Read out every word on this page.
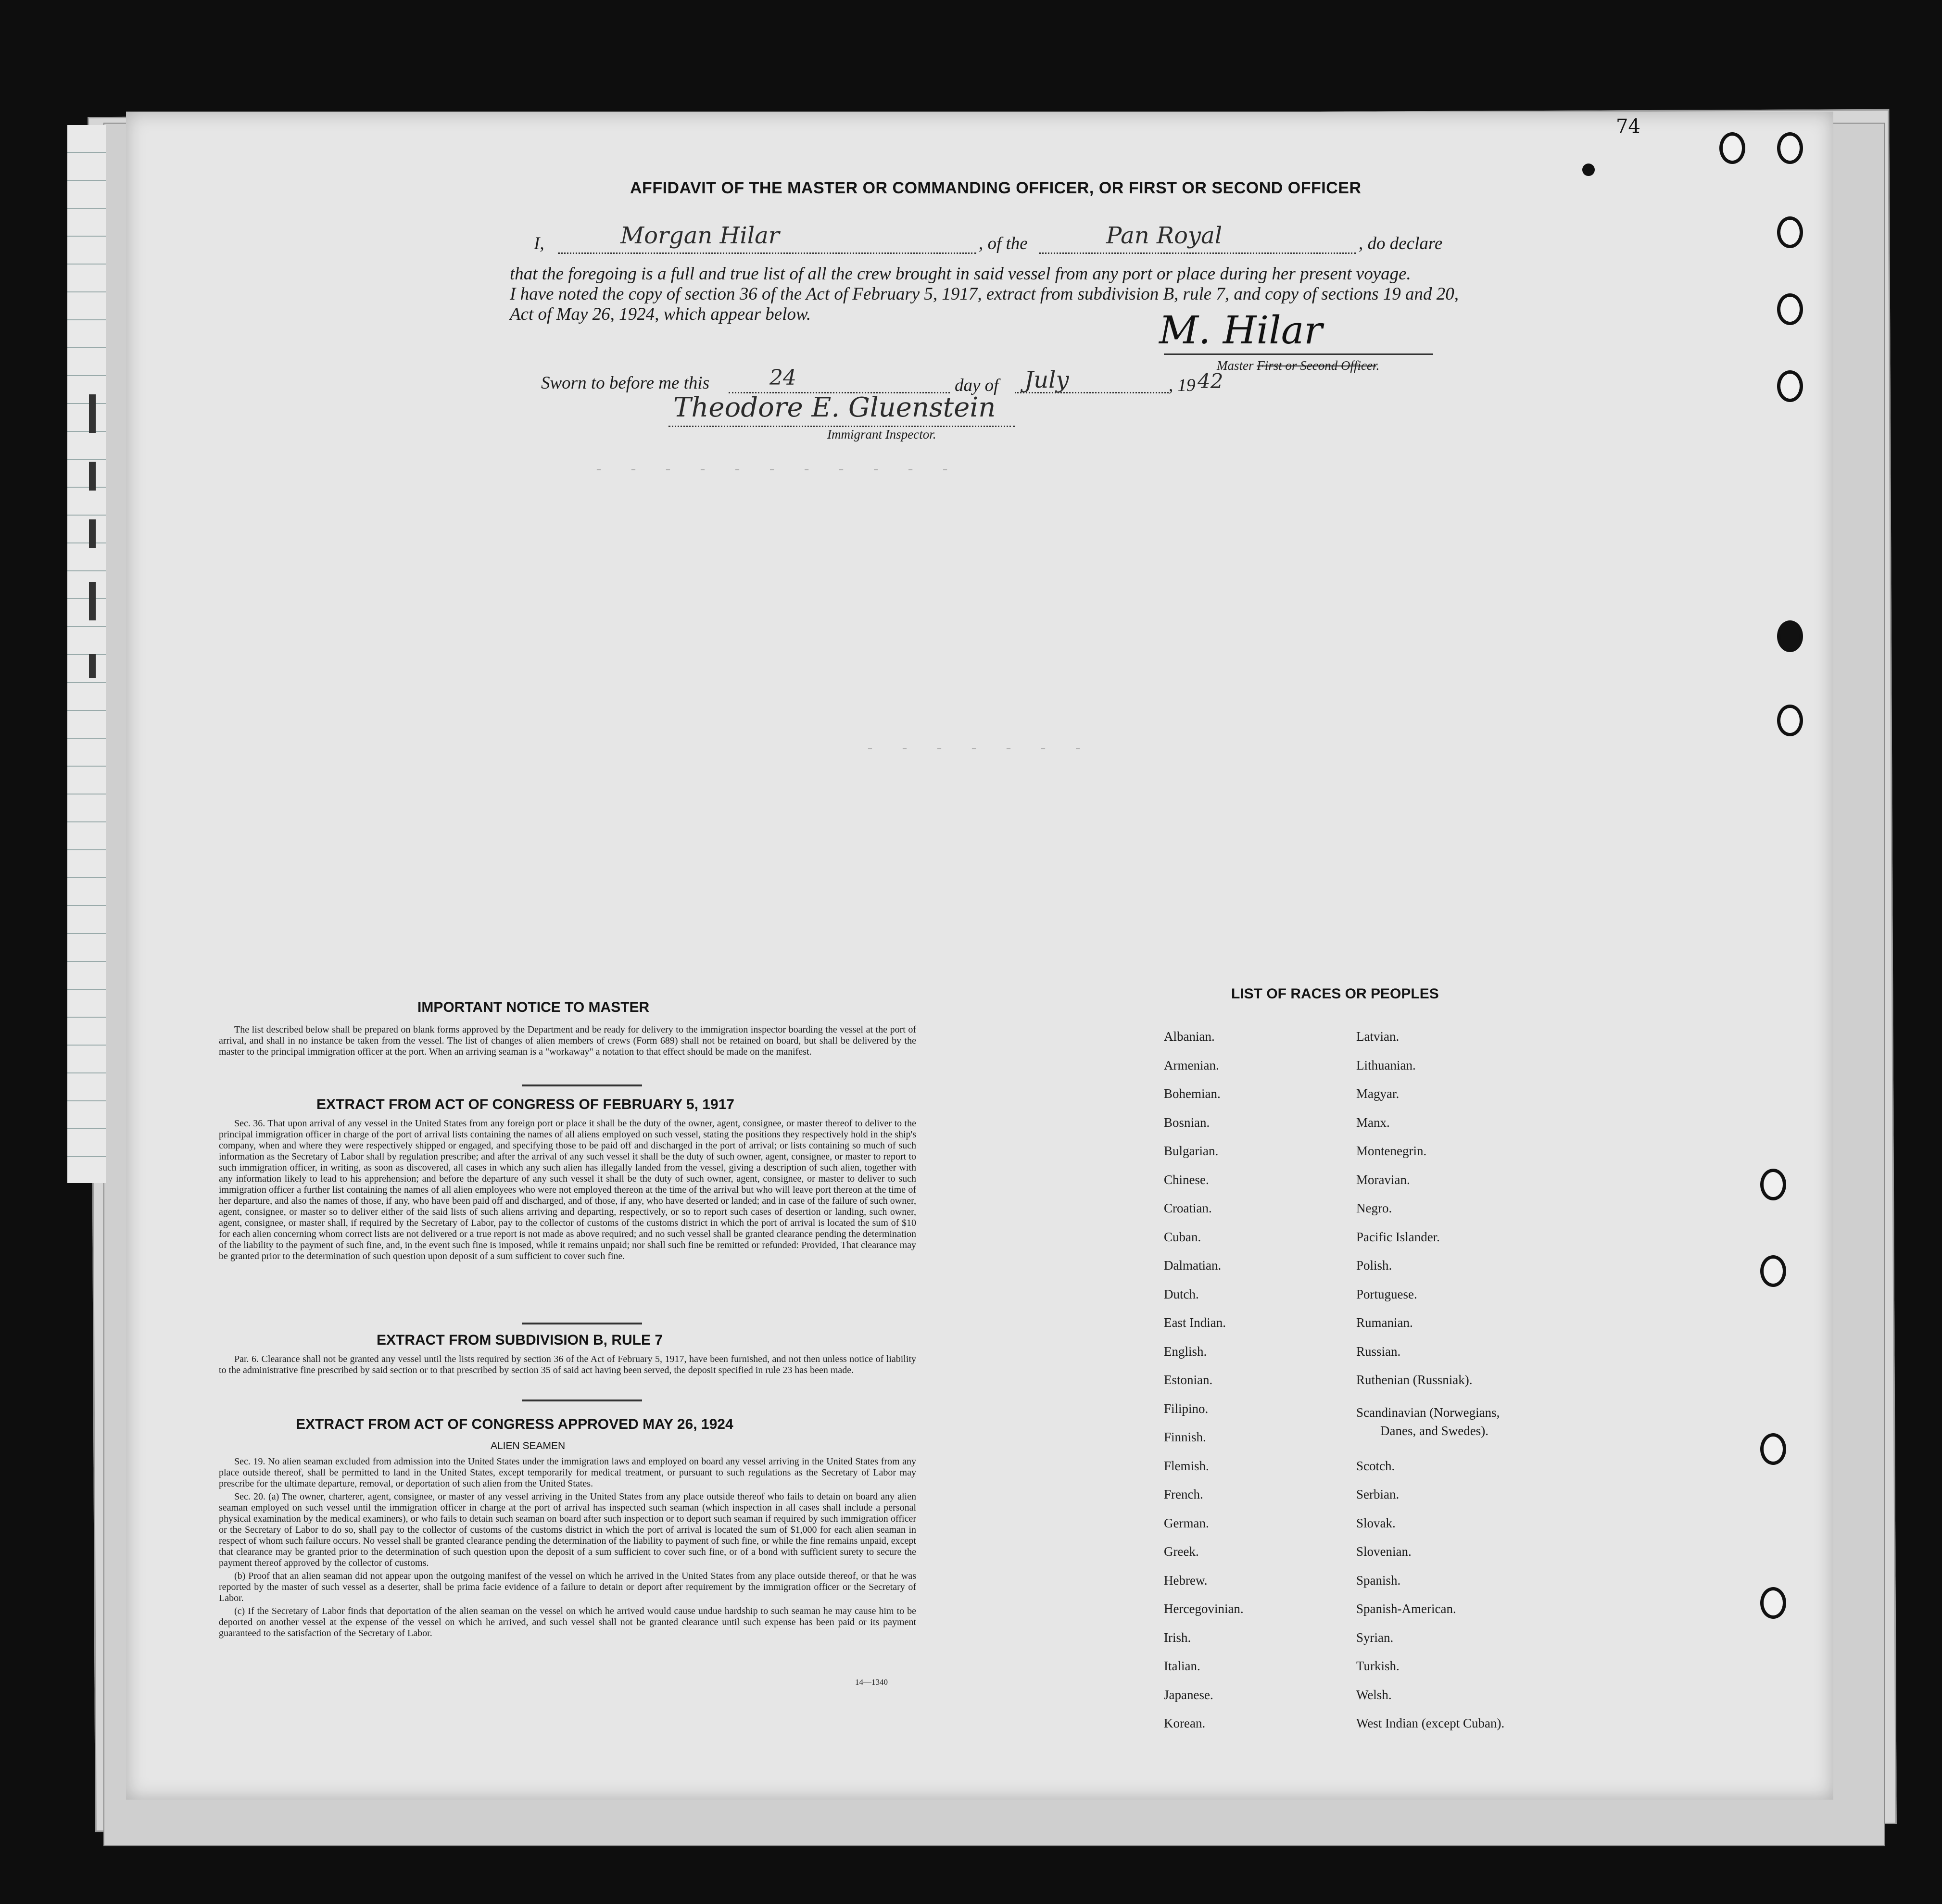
-   -   -   -   -   -   -   -   -   -   -
-   -   -   -   -   -   -
74
AFFIDAVIT OF THE MASTER OR COMMANDING OFFICER, OR FIRST OR SECOND OFFICER
I,	Morgan Hilar	, of the	Pan Royal	, do declare
that the foregoing is a full and true list of all the crew brought in said vessel from any port or place during her present voyage.
I have noted the copy of section 36 of the Act of February 5, 1917, extract from subdivision B, rule 7, and copy of sections 19 and 20,
Act of May 26, 1924, which appear below.	M. Hilar
Master First or Second Officer.
Sworn to before me this	24	day of July	, 19 42
Theodore E. Gluenstein
Immigrant Inspector.
IMPORTANT NOTICE TO MASTER

The list described below shall be prepared on blank forms approved by the Department and be ready for delivery to the immigration inspector boarding the vessel at the port of arrival, and shall in no instance be taken from the vessel. The list of changes of alien members of crews (Form 689) shall not be retained on board, but shall be delivered by the master to the principal immigration officer at the port. When an arriving seaman is a "workaway" a notation to that effect should be made on the manifest.

EXTRACT FROM ACT OF CONGRESS OF FEBRUARY 5, 1917

Sec. 36. That upon arrival of any vessel in the United States from any foreign port or place it shall be the duty of the owner, agent, consignee, or master thereof to deliver to the principal immigration officer in charge of the port of arrival lists containing the names of all aliens employed on such vessel, stating the positions they respectively hold in the ship's company, when and where they were respectively shipped or engaged, and specifying those to be paid off and discharged in the port of arrival; or lists containing so much of such information as the Secretary of Labor shall by regulation prescribe; and after the arrival of any such vessel it shall be the duty of such owner, agent, consignee, or master to report to such immigration officer, in writing, as soon as discovered, all cases in which any such alien has illegally landed from the vessel, giving a description of such alien, together with any information likely to lead to his apprehension; and before the departure of any such vessel it shall be the duty of such owner, agent, consignee, or master to deliver to such immigration officer a further list containing the names of all alien employees who were not employed thereon at the time of the arrival but who will leave port thereon at the time of her departure, and also the names of those, if any, who have been paid off and discharged, and of those, if any, who have deserted or landed; and in case of the failure of such owner, agent, consignee, or master so to deliver either of the said lists of such aliens arriving and departing, respectively, or so to report such cases of desertion or landing, such owner, agent, consignee, or master shall, if required by the Secretary of Labor, pay to the collector of customs of the customs district in which the port of arrival is located the sum of $10 for each alien concerning whom correct lists are not delivered or a true report is not made as above required; and no such vessel shall be granted clearance pending the determination of the liability to the payment of such fine, and, in the event such fine is imposed, while it remains unpaid; nor shall such fine be remitted or refunded: Provided, That clearance may be granted prior to the determination of such question upon deposit of a sum sufficient to cover such fine.

EXTRACT FROM SUBDIVISION B, RULE 7

Par. 6. Clearance shall not be granted any vessel until the lists required by section 36 of the Act of February 5, 1917, have been furnished, and not then unless notice of liability to the administrative fine prescribed by said section or to that prescribed by section 35 of said act having been served, the deposit specified in rule 23 has been made.

EXTRACT FROM ACT OF CONGRESS APPROVED MAY 26, 1924
ALIEN SEAMEN

Sec. 19. No alien seaman excluded from admission into the United States under the immigration laws and employed on board any vessel arriving in the United States from any place outside thereof, shall be permitted to land in the United States, except temporarily for medical treatment, or pursuant to such regulations as the Secretary of Labor may prescribe for the ultimate departure, removal, or deportation of such alien from the United States.

Sec. 20. (a) The owner, charterer, agent, consignee, or master of any vessel arriving in the United States from any place outside thereof who fails to detain on board any alien seaman employed on such vessel until the immigration officer in charge at the port of arrival has inspected such seaman (which inspection in all cases shall include a personal physical examination by the medical examiners), or who fails to detain such seaman on board after such inspection or to deport such seaman if required by such immigration officer or the Secretary of Labor to do so, shall pay to the collector of customs of the customs district in which the port of arrival is located the sum of $1,000 for each alien seaman in respect of whom such failure occurs. No vessel shall be granted clearance pending the determination of the liability to payment of such fine, or while the fine remains unpaid, except that clearance may be granted prior to the determination of such question upon the deposit of a sum sufficient to cover such fine, or of a bond with sufficient surety to secure the payment thereof approved by the collector of customs.

(b) Proof that an alien seaman did not appear upon the outgoing manifest of the vessel on which he arrived in the United States from any place outside thereof, or that he was reported by the master of such vessel as a deserter, shall be prima facie evidence of a failure to detain or deport after requirement by the immigration officer or the Secretary of Labor.

(c) If the Secretary of Labor finds that deportation of the alien seaman on the vessel on which he arrived would cause undue hardship to such seaman he may cause him to be deported on another vessel at the expense of the vessel on which he arrived, and such vessel shall not be granted clearance until such expense has been paid or its payment guaranteed to the satisfaction of the Secretary of Labor.

14—1340
LIST OF RACES OR PEOPLES
Albanian.
Armenian.
Bohemian.
Bosnian.
Bulgarian.
Chinese.
Croatian.
Cuban.
Dalmatian.
Dutch.
East Indian.
English.
Estonian.
Filipino.
Finnish.
Flemish.
French.
German.
Greek.
Hebrew.
Hercegovinian.
Irish.
Italian.
Japanese.
Korean.
Latvian.
Lithuanian.
Magyar.
Manx.
Montenegrin.
Moravian.
Negro.
Pacific Islander.
Polish.
Portuguese.
Rumanian.
Russian.
Ruthenian (Russniak).
Scandinavian (Norwegians,
Danes, and Swedes).
Scotch.
Serbian.
Slovak.
Slovenian.
Spanish.
Spanish-American.
Syrian.
Turkish.
Welsh.
West Indian (except Cuban).
